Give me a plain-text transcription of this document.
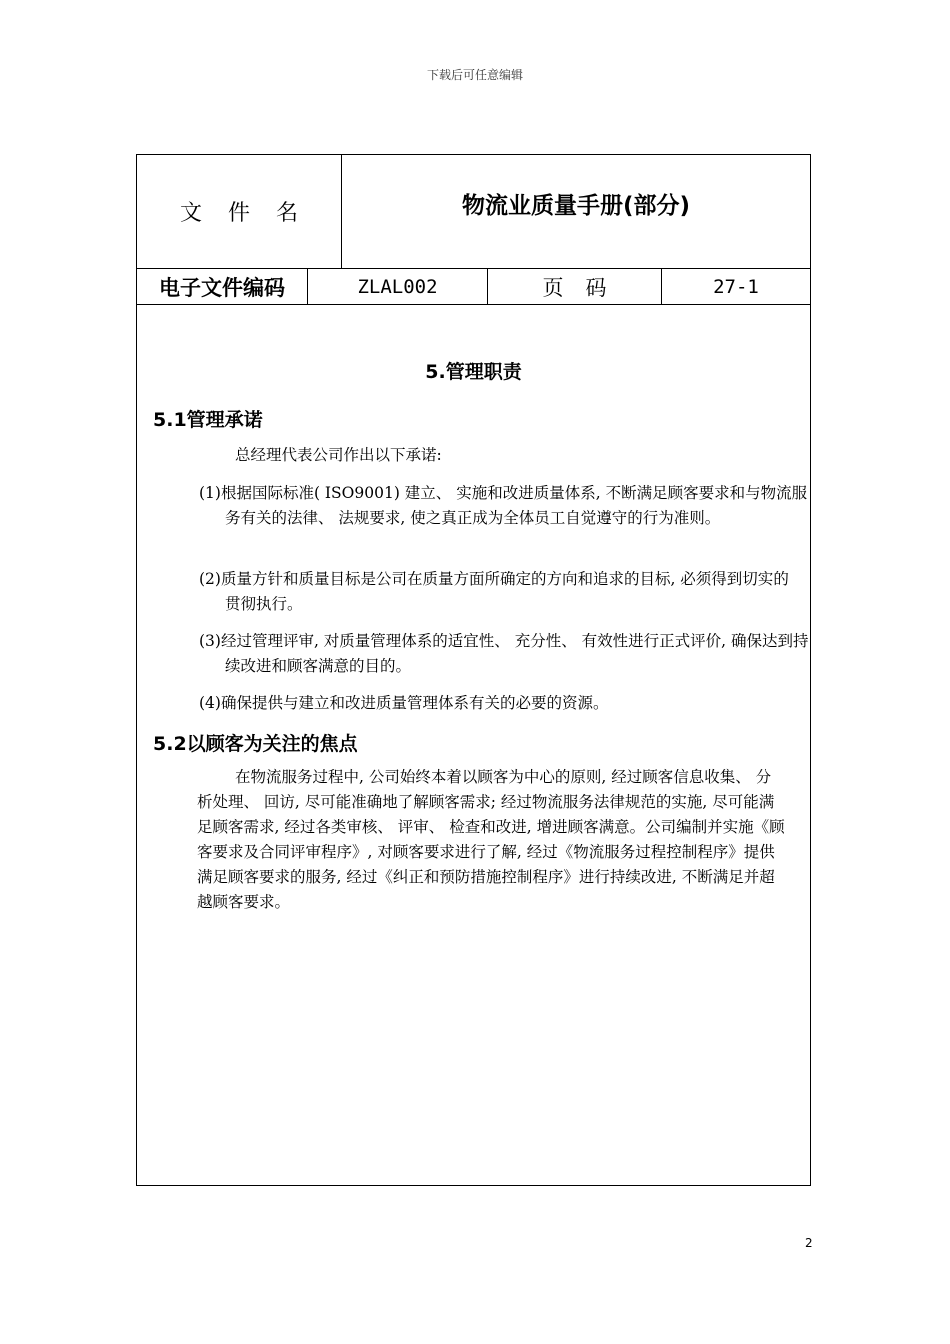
下载后可任意编辑
文件名	物流业质量手册(部分)
电子文件编码	ZLAL002	页码	27-1
5.管理职责
5.1管理承诺
总经理代表公司作出以下承诺:
(1)根据国际标准( ISO9001) 建立、 实施和改进质量体系, 不断满足顾客要求和与物流服务有关的法律、 法规要求, 使之真正成为全体员工自觉遵守的行为准则。
(2)质量方针和质量目标是公司在质量方面所确定的方向和追求的目标, 必须得到切实的贯彻执行。
(3)经过管理评审, 对质量管理体系的适宜性、 充分性、 有效性进行正式评价, 确保达到持续改进和顾客满意的目的。
(4)确保提供与建立和改进质量管理体系有关的必要的资源。
5.2以顾客为关注的焦点
在物流服务过程中, 公司始终本着以顾客为中心的原则, 经过顾客信息收集、 分析处理、 回访, 尽可能准确地了解顾客需求; 经过物流服务法律规范的实施, 尽可能满足顾客需求, 经过各类审核、 评审、 检查和改进, 增进顾客满意。公司编制并实施《顾客要求及合同评审程序》, 对顾客要求进行了解, 经过《物流服务过程控制程序》提供满足顾客要求的服务, 经过《纠正和预防措施控制程序》进行持续改进, 不断满足并超越顾客要求。
2
